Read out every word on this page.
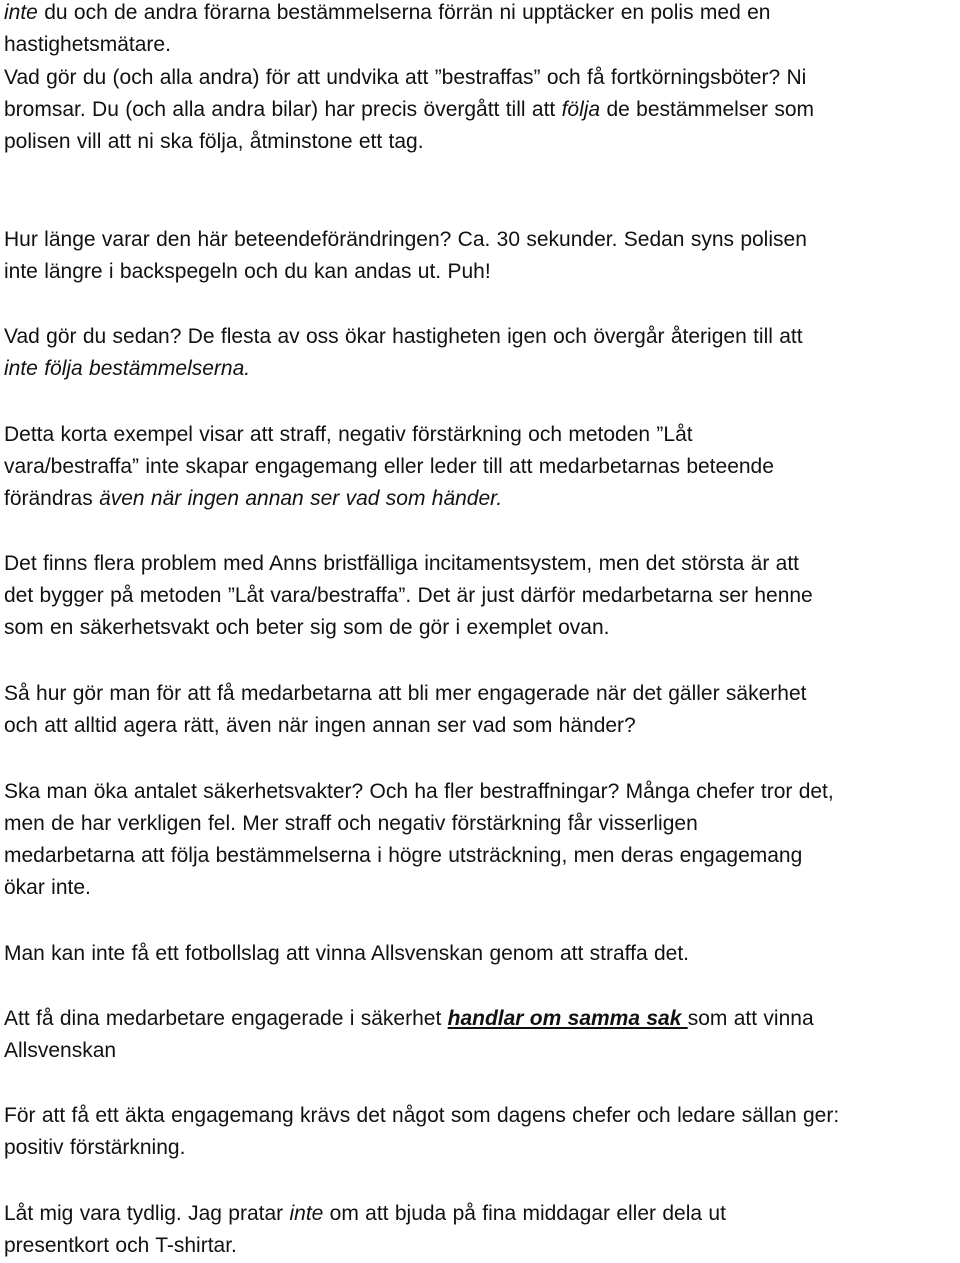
inte du och de andra förarna bestämmelserna förrän ni upptäcker en polis med en
hastighetsmätare.

Vad gör du (och alla andra) för att undvika att ”bestraffas” och få fortkörningsböter? Ni
bromsar. Du (och alla andra bilar) har precis övergått till att följa de bestämmelser som
polisen vill att ni ska följa, åtminstone ett tag.

Hur länge varar den här beteendeförändringen? Ca. 30 sekunder. Sedan syns polisen
inte längre i backspegeln och du kan andas ut. Puh!

Vad gör du sedan? De flesta av oss ökar hastigheten igen och övergår återigen till att
inte följa bestämmelserna.

Detta korta exempel visar att straff, negativ förstärkning och metoden ”Låt
vara/bestraffa” inte skapar engagemang eller leder till att medarbetarnas beteende
förändras även när ingen annan ser vad som händer.

Det finns flera problem med Anns bristfälliga incitamentsystem, men det största är att
det bygger på metoden ”Låt vara/bestraffa”. Det är just därför medarbetarna ser henne
som en säkerhetsvakt och beter sig som de gör i exemplet ovan.

Så hur gör man för att få medarbetarna att bli mer engagerade när det gäller säkerhet
och att alltid agera rätt, även när ingen annan ser vad som händer?

Ska man öka antalet säkerhetsvakter? Och ha fler bestraffningar? Många chefer tror det,
men de har verkligen fel. Mer straff och negativ förstärkning får visserligen
medarbetarna att följa bestämmelserna i högre utsträckning, men deras engagemang
ökar inte.

Man kan inte få ett fotbollslag att vinna Allsvenskan genom att straffa det.

Att få dina medarbetare engagerade i säkerhet handlar om samma sak som att vinna
Allsvenskan

För att få ett äkta engagemang krävs det något som dagens chefer och ledare sällan ger:
positiv förstärkning.

Låt mig vara tydlig. Jag pratar inte om att bjuda på fina middagar eller dela ut
presentkort och T-shirtar.
